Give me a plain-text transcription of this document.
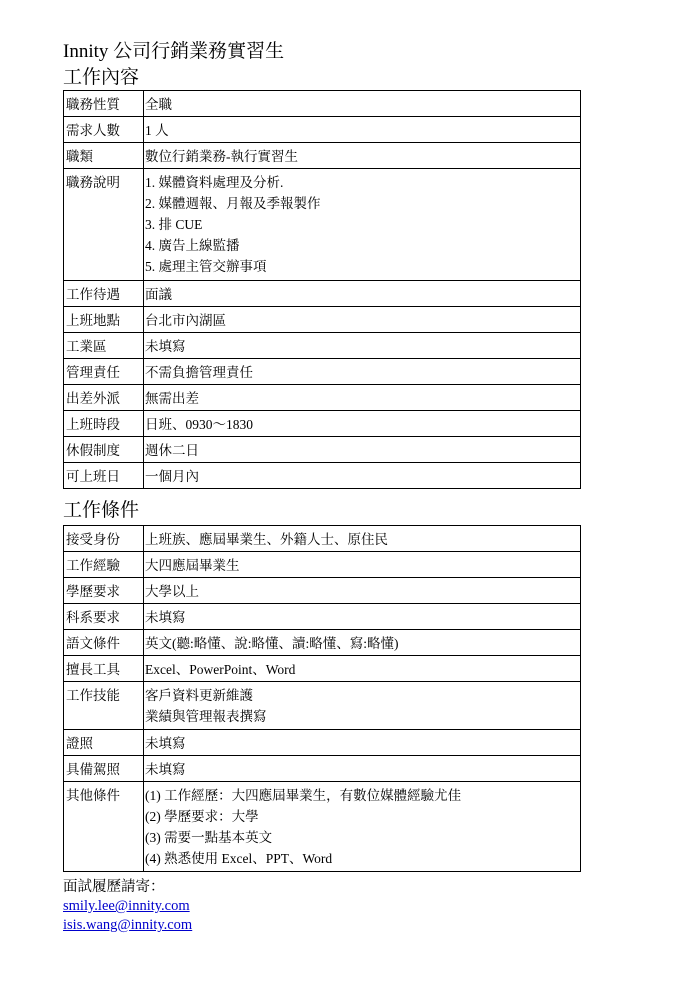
Innity 公司行銷業務實習生
工作內容
職務性質	全職
需求人數	1 人
職類	數位行銷業務-執行實習生
職務說明	1. 媒體資料處理及分析.
2. 媒體週報、月報及季報製作
3. 排 CUE
4. 廣告上線監播
5. 處理主管交辦事項

工作待遇	面議
上班地點	台北市內湖區
工業區	未填寫
管理責任	不需負擔管理責任
出差外派	無需出差
上班時段	日班、0930～1830
休假制度	週休二日
可上班日	一個月內
工作條件
接受身份	上班族、應屆畢業生、外籍人士、原住民
工作經驗	大四應屆畢業生
學歷要求	大學以上
科系要求	未填寫
語文條件	英文(聽:略懂、說:略懂、讀:略懂、寫:略懂)
擅長工具	Excel、PowerPoint、Word
工作技能	客戶資料更新維護
業績與管理報表撰寫

證照	未填寫
具備駕照	未填寫
其他條件	(1) 工作經歷：大四應屆畢業生，有數位媒體經驗尤佳
(2) 學歷要求：大學
(3) 需要一點基本英文
(4) 熟悉使用 Excel、PPT、Word
面試履歷請寄：
smily.lee@innity.com
isis.wang@innity.com
